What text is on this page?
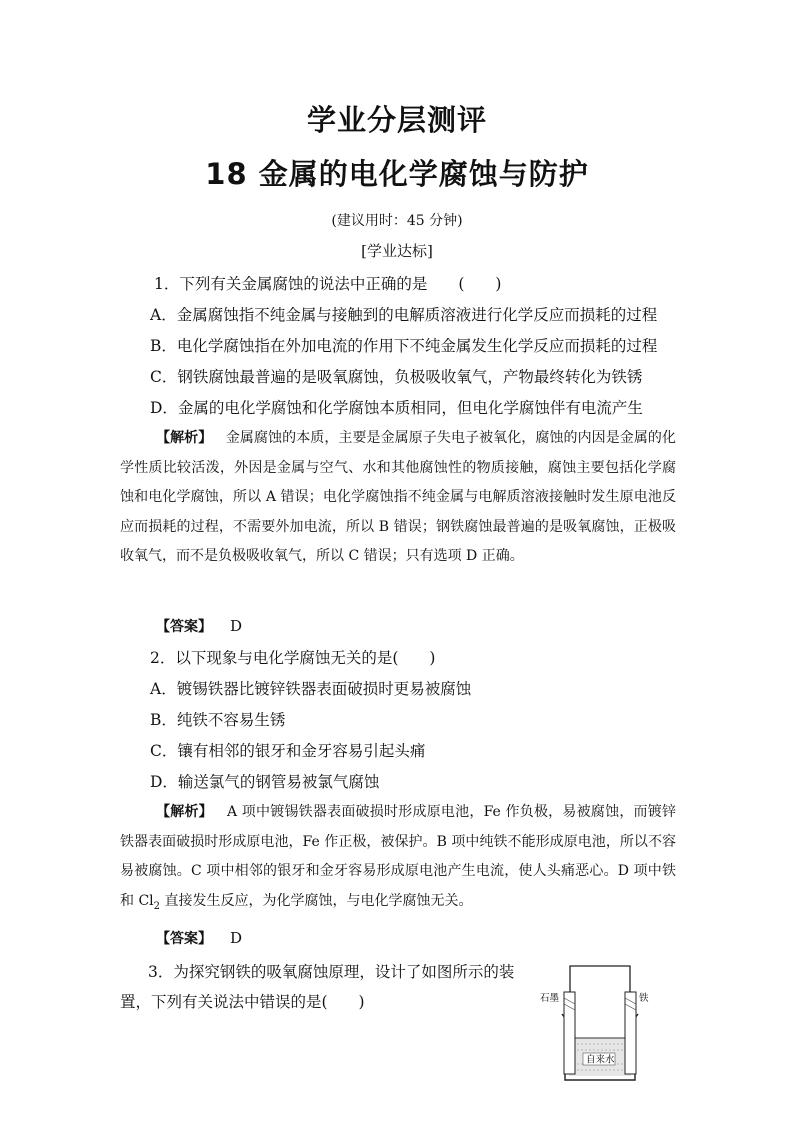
学业分层测评
18 金属的电化学腐蚀与防护
(建议用时：45 分钟)
[学业达标]
1．下列有关金属腐蚀的说法中正确的是　　(　　)
A．金属腐蚀指不纯金属与接触到的电解质溶液进行化学反应而损耗的过程
B．电化学腐蚀指在外加电流的作用下不纯金属发生化学反应而损耗的过程
C．钢铁腐蚀最普遍的是吸氧腐蚀，负极吸收氧气，产物最终转化为铁锈
D．金属的电化学腐蚀和化学腐蚀本质相同，但电化学腐蚀伴有电流产生
【解析】 金属腐蚀的本质，主要是金属原子失电子被氧化，腐蚀的内因是金属的化学性质比较活泼，外因是金属与空气、水和其他腐蚀性的物质接触，腐蚀主要包括化学腐蚀和电化学腐蚀，所以 A 错误；电化学腐蚀指不纯金属与电解质溶液接触时发生原电池反应而损耗的过程，不需要外加电流，所以 B 错误；钢铁腐蚀最普遍的是吸氧腐蚀，正极吸收氧气，而不是负极吸收氧气，所以 C 错误；只有选项 D 正确。
【答案】 D
2．以下现象与电化学腐蚀无关的是(　　)
A．镀锡铁器比镀锌铁器表面破损时更易被腐蚀
B．纯铁不容易生锈
C．镶有相邻的银牙和金牙容易引起头痛
D．输送氯气的钢管易被氯气腐蚀
【解析】 A 项中镀锡铁器表面破损时形成原电池，Fe 作负极，易被腐蚀，而镀锌铁器表面破损时形成原电池，Fe 作正极，被保护。B 项中纯铁不能形成原电池，所以不容易被腐蚀。C 项中相邻的银牙和金牙容易形成原电池产生电流，使人头痛恶心。D 项中铁和 $Cl_2$ 直接发生反应，为化学腐蚀，与电化学腐蚀无关。
【答案】 D
3．为探究钢铁的吸氧腐蚀原理，设计了如图所示的装
置，下列有关说法中错误的是(　　)	石墨	铁
自来水
